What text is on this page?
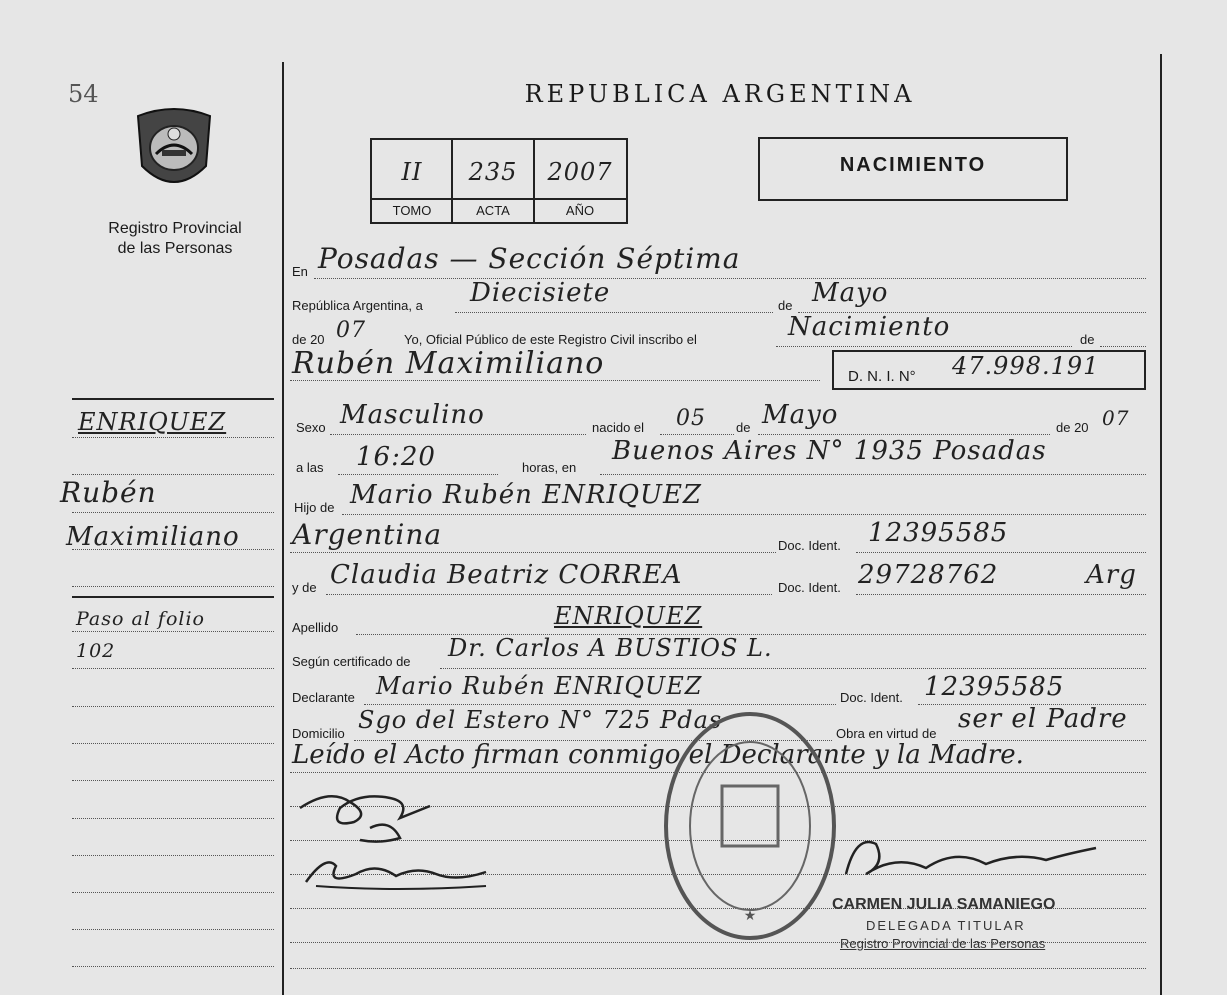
54
Registro Provincial
de las Personas
REPUBLICA ARGENTINA
II	235	2007
TOMO	ACTA	AÑO
NACIMIENTO
ENRIQUEZ
Rubén
Maximiliano
Paso al folio
102
En Posadas — Sección Séptima
República Argentina, a Diecisiete	de Mayo
de 20 07	Yo, Oficial Público de este Registro Civil inscribo el	Nacimiento	de
Rubén Maximiliano	D. N. I. N° 47.998.191
Sexo Masculino	nacido el 05 de Mayo	de 20 07
a las 16:20	horas, en
Buenos Aires N° 1935 Posadas
Hijo de Mario Rubén ENRIQUEZ
Argentina	Doc. Ident. 12395585
y de Claudia Beatriz CORREA	Doc. Ident. 29728762	Arg
Apellido	ENRIQUEZ
Según certificado de Dr. Carlos A BUSTIOS L.
Declarante Mario Rubén ENRIQUEZ	Doc. Ident. 12395585
Domicilio Sgo del Estero N° 725 Pdas	Obra en virtud de ser el Padre
Leído el Acto firman conmigo el Declarante y la Madre.
★
CARMEN JULIA SAMANIEGO
DELEGADA TITULAR
Registro Provincial de las Personas
